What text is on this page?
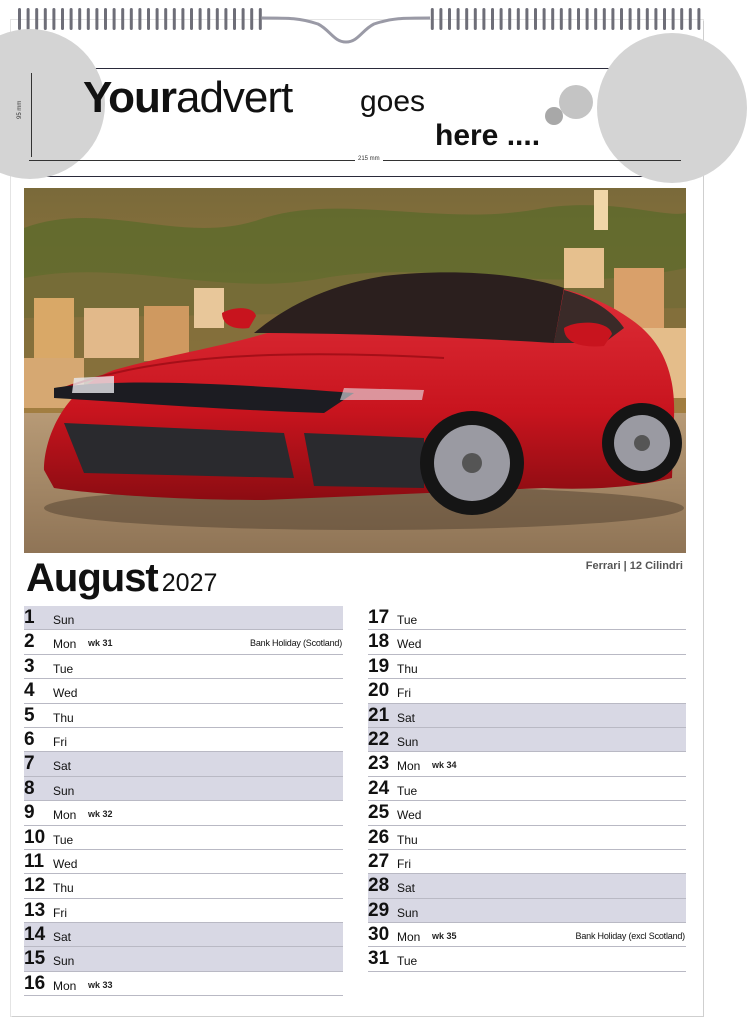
Youradvert goes
here ....
95 mm
215 mm
August 2027
Ferrari | 12 Cilindri
1 Sun
2 Mon wk 31	Bank Holiday (Scotland)
3 Tue
4 Wed
5 Thu
6 Fri
7 Sat
8 Sun
9 Mon wk 32
10 Tue
11 Wed
12 Thu
13 Fri
14 Sat
15 Sun
16 Mon wk 33
17 Tue
18 Wed
19 Thu
20 Fri
21 Sat
22 Sun
23 Mon wk 34
24 Tue
25 Wed
26 Thu
27 Fri
28 Sat
29 Sun
30 Mon wk 35	Bank Holiday (excl Scotland)
31 Tue
